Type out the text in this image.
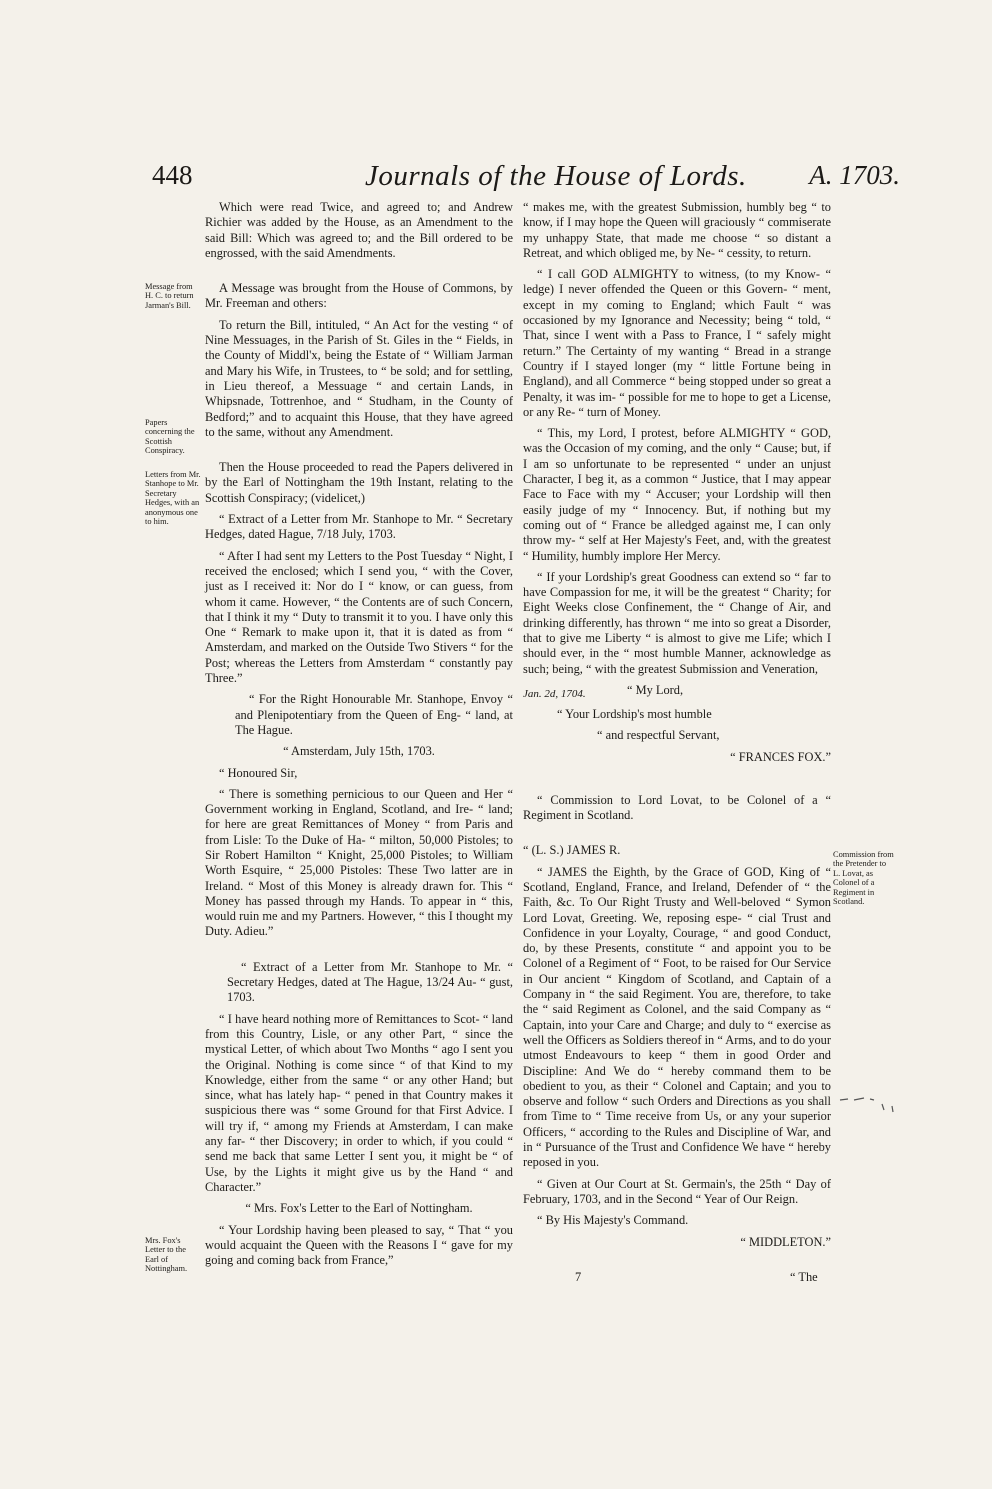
448	Journals of the House of Lords. A. 1703.
Message from H. C. to return Jarman's Bill.
Papers concerning the Scottish Conspiracy.
Letters from Mr. Stanhope to Mr. Secretary Hedges, with an anonymous one to him.
Mrs. Fox's Letter to the Earl of Nottingham.
Commission from the Pretender to L. Lovat, as Colonel of a Regiment in Scotland.

Which were read Twice, and agreed to; and Andrew Richier was added by the House, as an Amendment to the said Bill: Which was agreed to; and the Bill ordered to be engrossed, with the said Amendments.

A Message was brought from the House of Commons, by Mr. Freeman and others:

To return the Bill, intituled, “ An Act for the vesting “ of Nine Messuages, in the Parish of St. Giles in the “ Fields, in the County of Middl'x, being the Estate of “ William Jarman and Mary his Wife, in Trustees, to “ be sold; and for settling, in Lieu thereof, a Messuage “ and certain Lands, in Whipsnade, Tottrenhoe, and “ Studham, in the County of Bedford;” and to acquaint this House, that they have agreed to the same, without any Amendment.

Then the House proceeded to read the Papers delivered in by the Earl of Nottingham the 19th Instant, relating to the Scottish Conspiracy; (videlicet,)

“ Extract of a Letter from Mr. Stanhope to Mr. “ Secretary Hedges, dated Hague, 7/18 July, 1703.

“ After I had sent my Letters to the Post Tuesday “ Night, I received the enclosed; which I send you, “ with the Cover, just as I received it: Nor do I “ know, or can guess, from whom it came. However, “ the Contents are of such Concern, that I think it my “ Duty to transmit it to you. I have only this One “ Remark to make upon it, that it is dated as from “ Amsterdam, and marked on the Outside Two Stivers “ for the Post; whereas the Letters from Amsterdam “ constantly pay Three.”

“ For the Right Honourable Mr. Stanhope, Envoy “ and Plenipotentiary from the Queen of Eng- “ land, at The Hague.

“ Amsterdam, July 15th, 1703.

“ Honoured Sir,

“ There is something pernicious to our Queen and Her “ Government working in England, Scotland, and Ire- “ land; for here are great Remittances of Money “ from Paris and from Lisle: To the Duke of Ha- “ milton, 50,000 Pistoles; to Sir Robert Hamilton “ Knight, 25,000 Pistoles; to William Worth Esquire, “ 25,000 Pistoles: These Two latter are in Ireland. “ Most of this Money is already drawn for. This “ Money has passed through my Hands. To appear in “ this, would ruin me and my Partners. However, “ this I thought my Duty. Adieu.”

“ Extract of a Letter from Mr. Stanhope to Mr. “ Secretary Hedges, dated at The Hague, 13/24 Au- “ gust, 1703.

“ I have heard nothing more of Remittances to Scot- “ land from this Country, Lisle, or any other Part, “ since the mystical Letter, of which about Two Months “ ago I sent you the Original. Nothing is come since “ of that Kind to my Knowledge, either from the same “ or any other Hand; but since, what has lately hap- “ pened in that Country makes it suspicious there was “ some Ground for that First Advice. I will try if, “ among my Friends at Amsterdam, I can make any far- “ ther Discovery; in order to which, if you could “ send me back that same Letter I sent you, it might be “ of Use, by the Lights it might give us by the Hand “ and Character.”

“ Mrs. Fox's Letter to the Earl of Nottingham.

“ Your Lordship having been pleased to say, “ That “ you would acquaint the Queen with the Reasons I “ gave for my going and coming back from France,”

“ makes me, with the greatest Submission, humbly beg “ to know, if I may hope the Queen will graciously “ commiserate my unhappy State, that made me choose “ so distant a Retreat, and which obliged me, by Ne- “ cessity, to return.

“ I call GOD ALMIGHTY to witness, (to my Know- “ ledge) I never offended the Queen or this Govern- “ ment, except in my coming to England; which Fault “ was occasioned by my Ignorance and Necessity; being “ told, “ That, since I went with a Pass to France, I “ safely might return.” The Certainty of my wanting “ Bread in a strange Country if I stayed longer (my “ little Fortune being in England), and all Commerce “ being stopped under so great a Penalty, it was im- “ possible for me to hope to get a License, or any Re- “ turn of Money.

“ This, my Lord, I protest, before ALMIGHTY “ GOD, was the Occasion of my coming, and the only “ Cause; but, if I am so unfortunate to be represented “ under an unjust Character, I beg it, as a common “ Justice, that I may appear Face to Face with my “ Accuser; your Lordship will then easily judge of my “ Innocency. But, if nothing but my coming out of “ France be alledged against me, I can only throw my- “ self at Her Majesty's Feet, and, with the greatest “ Humility, humbly implore Her Mercy.

“ If your Lordship's great Goodness can extend so “ far to have Compassion for me, it will be the greatest “ Charity; for Eight Weeks close Confinement, the “ Change of Air, and drinking differently, has thrown “ me into so great a Disorder, that to give me Liberty “ is almost to give me Life; which I should ever, in the “ most humble Manner, acknowledge as such; being, “ with the greatest Submission and Veneration,

Jan. 2d, 1704.	“ My Lord,

“ Your Lordship's most humble

“ and respectful Servant,

“ FRANCES FOX.”

“ Commission to Lord Lovat, to be Colonel of a “ Regiment in Scotland.

“ (L. S.) JAMES R.

“ JAMES the Eighth, by the Grace of GOD, King of “ Scotland, England, France, and Ireland, Defender of “ the Faith, &c. To Our Right Trusty and Well-beloved “ Symon Lord Lovat, Greeting. We, reposing espe- “ cial Trust and Confidence in your Loyalty, Courage, “ and good Conduct, do, by these Presents, constitute “ and appoint you to be Colonel of a Regiment of “ Foot, to be raised for Our Service in Our ancient “ Kingdom of Scotland, and Captain of a Company in “ the said Regiment. You are, therefore, to take the “ said Regiment as Colonel, and the said Company as “ Captain, into your Care and Charge; and duly to “ exercise as well the Officers as Soldiers thereof in “ Arms, and to do your utmost Endeavours to keep “ them in good Order and Discipline: And We do “ hereby command them to be obedient to you, as their “ Colonel and Captain; and you to observe and follow “ such Orders and Directions as you shall from Time to “ Time receive from Us, or any your superior Officers, “ according to the Rules and Discipline of War, and in “ Pursuance of the Trust and Confidence We have “ hereby reposed in you.

“ Given at Our Court at St. Germain's, the 25th “ Day of February, 1703, and in the Second “ Year of Our Reign.

“ By His Majesty's Command.

“ MIDDLETON.”

7	“ The
